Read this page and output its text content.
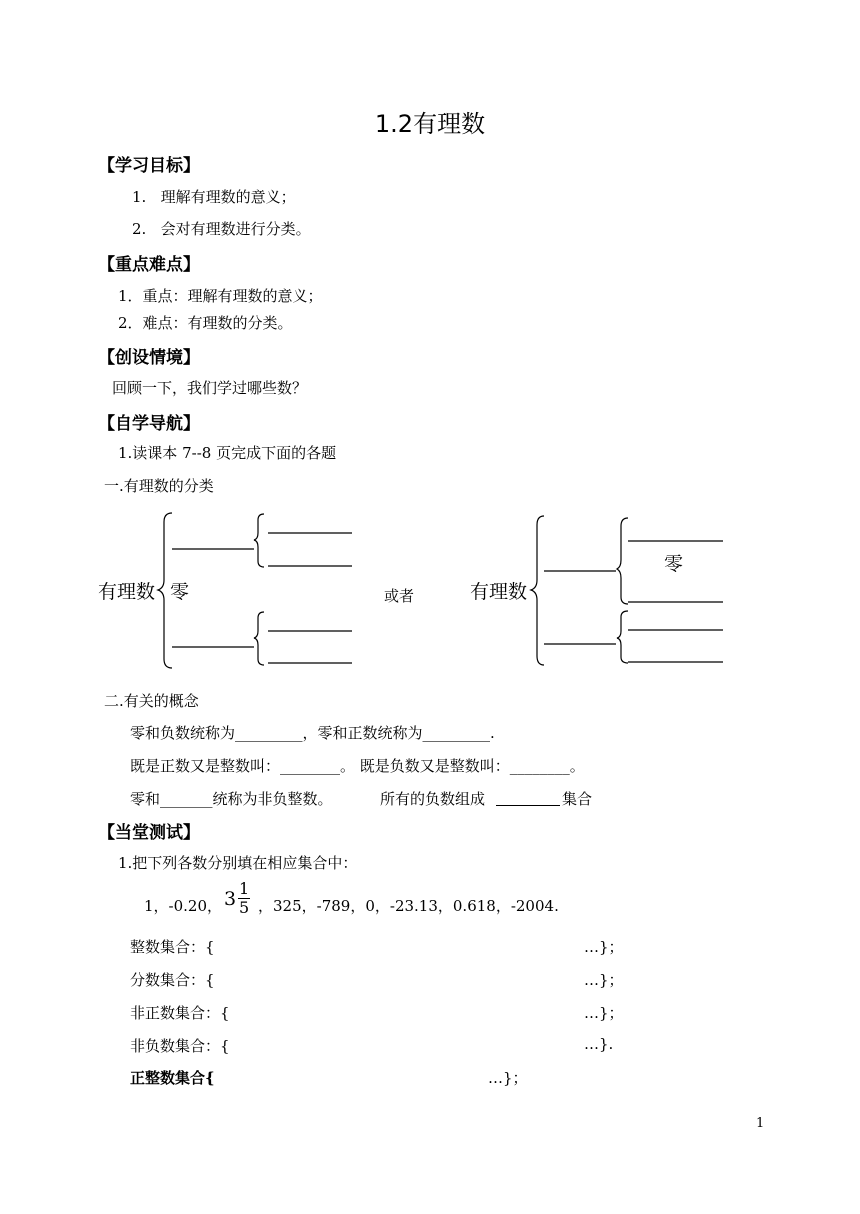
1.2有理数
【学习目标】
1.   理解有理数的意义；
2.   会对有理数进行分类。
【重点难点】
1．重点：理解有理数的意义；
2．难点：有理数的分类。
【创设情境】
回顾一下，我们学过哪些数？
【自学导航】
1.读课本 7--8 页完成下面的各题
一.有理数的分类
有理数 零	或者	有理数
零
二.有关的概念
零和负数统称为_________，零和正数统称为_________.
既是正数又是整数叫：________。 既是负数又是整数叫：________。
零和_______统称为非负整数。	所有的负数组成	集合
【当堂测试】
1.把下列各数分别填在相应集合中：
1，-0.20， 3 1
5 ，325，-789，0，-23.13，0.618，-2004.
整数集合：{	…}；
分数集合：{	…}；
非正数集合：{	…}；
非负数集合：{	…}.
正整数集合{	…}；
1
